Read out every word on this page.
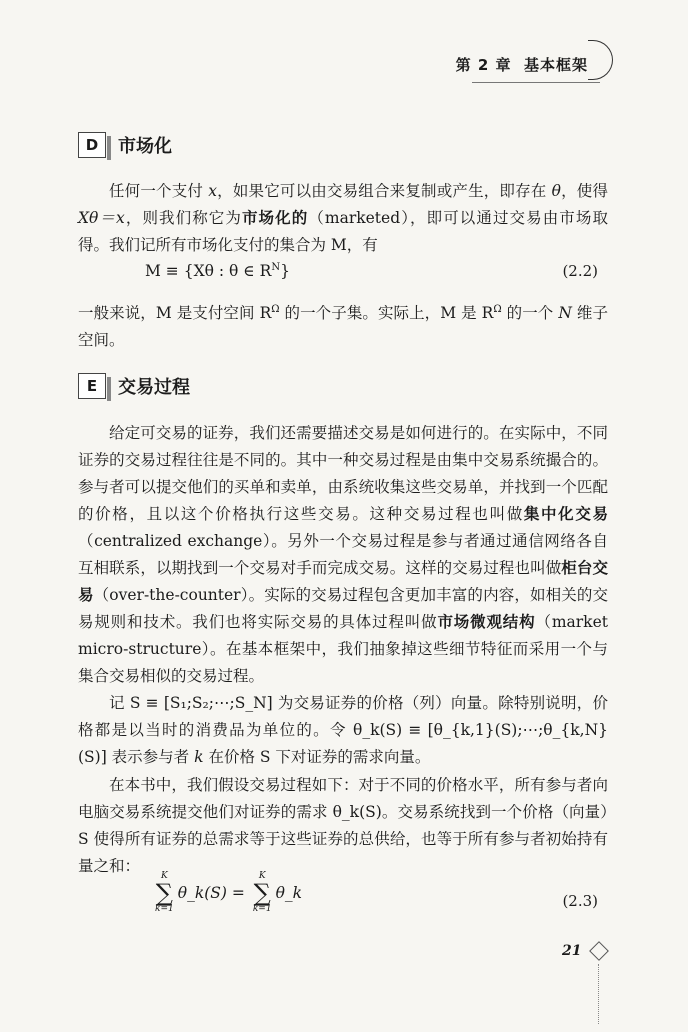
第 2 章 基本框架
D	市场化
任何一个支付 x，如果它可以由交易组合来复制或产生，即存在 θ，使得Xθ＝x，则我们称它为市场化的（marketed），即可以通过交易由市场取得。我们记所有市场化支付的集合为 M，有
M ≡ {Xθ : θ ∈ $R^N$}	(2.2)
一般来说，M 是支付空间 $R^\Omega$ 的一个子集。实际上，M 是 $R^\Omega$ 的一个 N 维子空间。
E	交易过程
给定可交易的证券，我们还需要描述交易是如何进行的。在实际中，不同证券的交易过程往往是不同的。其中一种交易过程是由集中交易系统撮合的。参与者可以提交他们的买单和卖单，由系统收集这些交易单，并找到一个匹配的价格，且以这个价格执行这些交易。这种交易过程也叫做集中化交易（centralized exchange）。另外一个交易过程是参与者通过通信网络各自互相联系，以期找到一个交易对手而完成交易。这样的交易过程也叫做柜台交易（over-the-counter）。实际的交易过程包含更加丰富的内容，如相关的交易规则和技术。我们也将实际交易的具体过程叫做市场微观结构（market micro-structure）。在基本框架中，我们抽象掉这些细节特征而采用一个与集合交易相似的交易过程。
记 S ≡ [S₁;S₂;⋯;S_N] 为交易证券的价格（列）向量。除特别说明，价格都是以当时的消费品为单位的。令 θ_k(S) ≡ [θ_{k,1}(S);⋯;θ_{k,N}(S)] 表示参与者 k 在价格 S 下对证券的需求向量。
在本书中，我们假设交易过程如下：对于不同的价格水平，所有参与者向电脑交易系统提交他们对证券的需求 θ_k(S)。交易系统找到一个价格（向量）S 使得所有证券的总需求等于这些证券的总供给，也等于所有参与者初始持有量之和：
K
∑
k=1
θ_k(S) =
K
∑
k=1
θ_k	(2.3)
21
